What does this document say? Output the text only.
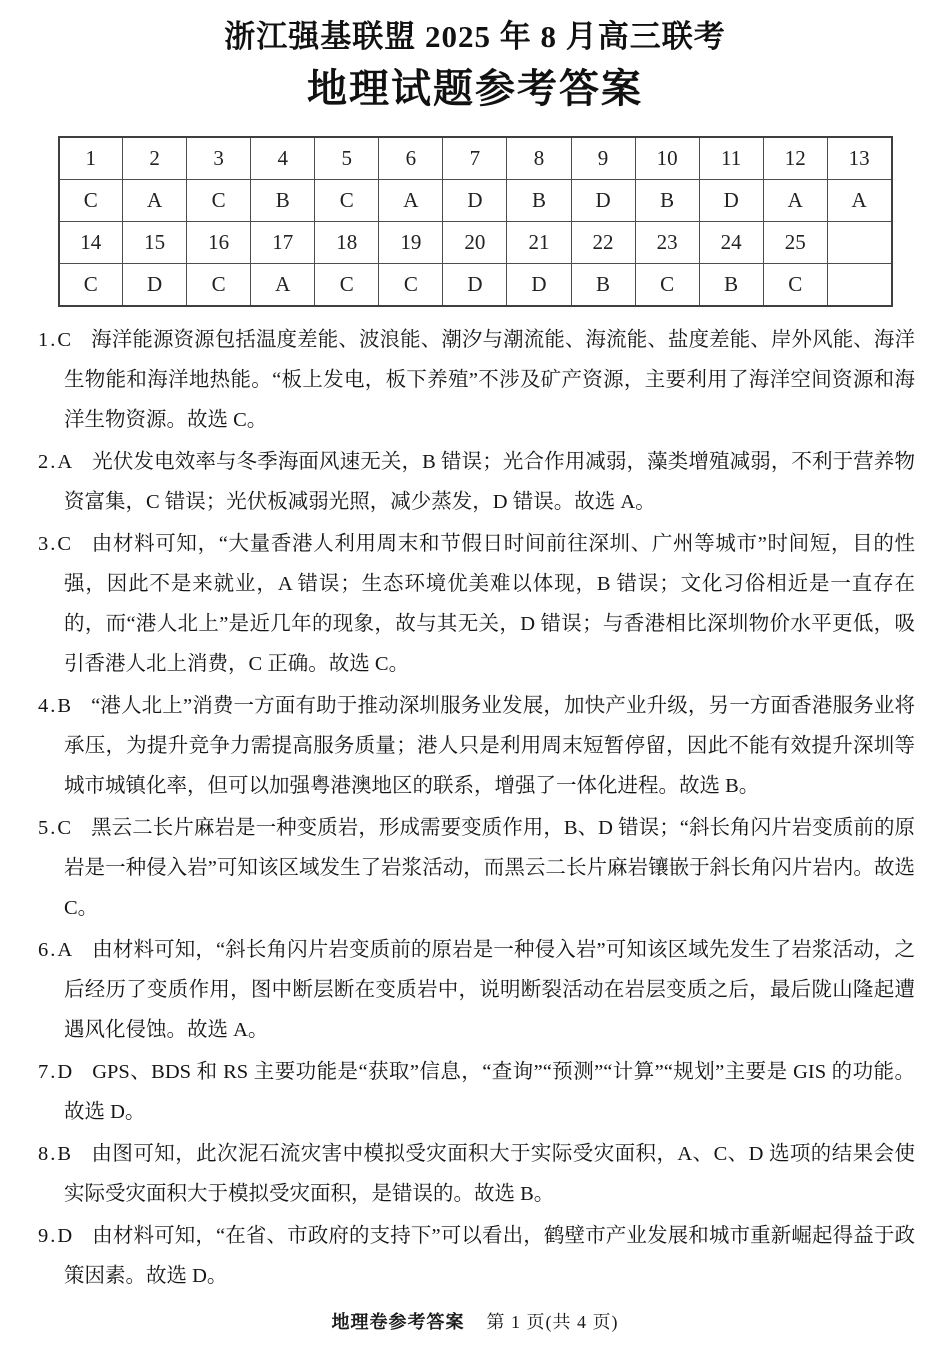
浙江强基联盟 2025 年 8 月高三联考
地理试题参考答案
1	2	3	4	5	6	7	8	9	10	11	12	13
C	A	C	B	C	A	D	B	D	B	D	A	A
14	15	16	17	18	19	20	21	22	23	24	25	
C	D	C	A	C	C	D	D	B	C	B	C	

1.C 海洋能源资源包括温度差能、波浪能、潮汐与潮流能、海流能、盐度差能、岸外风能、海洋生物能和海洋地热能。“板上发电，板下养殖”不涉及矿产资源，主要利用了海洋空间资源和海洋生物资源。故选 C。

2.A 光伏发电效率与冬季海面风速无关，B 错误；光合作用减弱，藻类增殖减弱，不利于营养物资富集，C 错误；光伏板减弱光照，减少蒸发，D 错误。故选 A。

3.C 由材料可知，“大量香港人利用周末和节假日时间前往深圳、广州等城市”时间短，目的性强，因此不是来就业，A 错误；生态环境优美难以体现，B 错误；文化习俗相近是一直存在的，而“港人北上”是近几年的现象，故与其无关，D 错误；与香港相比深圳物价水平更低，吸引香港人北上消费，C 正确。故选 C。

4.B “港人北上”消费一方面有助于推动深圳服务业发展，加快产业升级，另一方面香港服务业将承压，为提升竞争力需提高服务质量；港人只是利用周末短暂停留，因此不能有效提升深圳等城市城镇化率，但可以加强粤港澳地区的联系，增强了一体化进程。故选 B。

5.C 黑云二长片麻岩是一种变质岩，形成需要变质作用，B、D 错误；“斜长角闪片岩变质前的原岩是一种侵入岩”可知该区域发生了岩浆活动，而黑云二长片麻岩镶嵌于斜长角闪片岩内。故选 C。

6.A 由材料可知，“斜长角闪片岩变质前的原岩是一种侵入岩”可知该区域先发生了岩浆活动，之后经历了变质作用，图中断层断在变质岩中，说明断裂活动在岩层变质之后，最后陇山隆起遭遇风化侵蚀。故选 A。

7.D GPS、BDS 和 RS 主要功能是“获取”信息，“查询”“预测”“计算”“规划”主要是 GIS 的功能。故选 D。

8.B 由图可知，此次泥石流灾害中模拟受灾面积大于实际受灾面积，A、C、D 选项的结果会使实际受灾面积大于模拟受灾面积，是错误的。故选 B。

9.D 由材料可知，“在省、市政府的支持下”可以看出，鹤壁市产业发展和城市重新崛起得益于政策因素。故选 D。

地理卷参考答案 第 1 页(共 4 页)
